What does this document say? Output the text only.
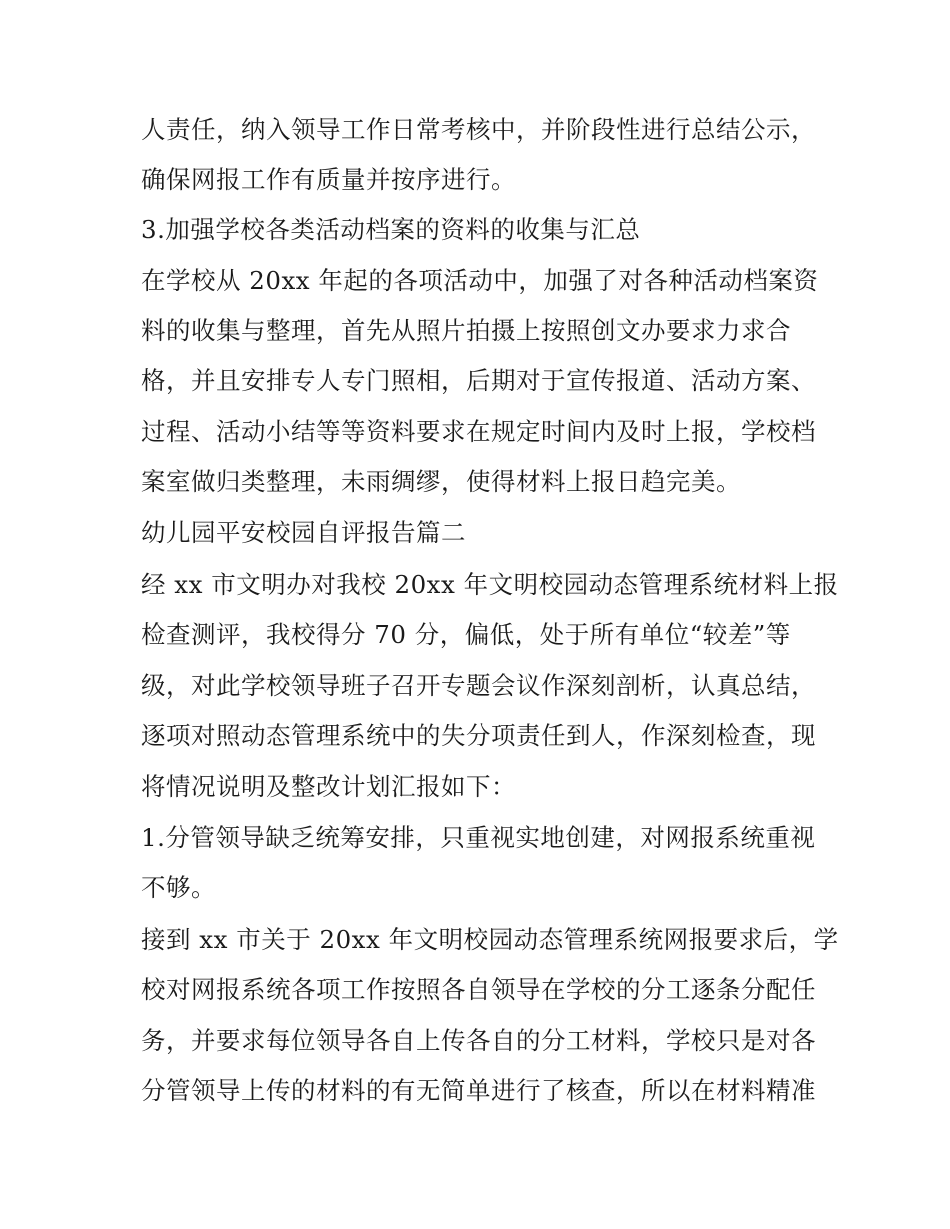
人责任，纳入领导工作日常考核中，并阶段性进行总结公示，
确保网报工作有质量并按序进行。
3.加强学校各类活动档案的资料的收集与汇总
在学校从 20xx 年起的各项活动中，加强了对各种活动档案资
料的收集与整理，首先从照片拍摄上按照创文办要求力求合
格，并且安排专人专门照相，后期对于宣传报道、活动方案、
过程、活动小结等等资料要求在规定时间内及时上报，学校档
案室做归类整理，未雨绸缪，使得材料上报日趋完美。
幼儿园平安校园自评报告篇二
经 xx 市文明办对我校 20xx 年文明校园动态管理系统材料上报
检查测评，我校得分 70 分，偏低，处于所有单位“较差”等
级，对此学校领导班子召开专题会议作深刻剖析，认真总结，
逐项对照动态管理系统中的失分项责任到人，作深刻检查，现
将情况说明及整改计划汇报如下：
1.分管领导缺乏统筹安排，只重视实地创建，对网报系统重视
不够。
接到 xx 市关于 20xx 年文明校园动态管理系统网报要求后，学
校对网报系统各项工作按照各自领导在学校的分工逐条分配任
务，并要求每位领导各自上传各自的分工材料，学校只是对各
分管领导上传的材料的有无简单进行了核查，所以在材料精准
